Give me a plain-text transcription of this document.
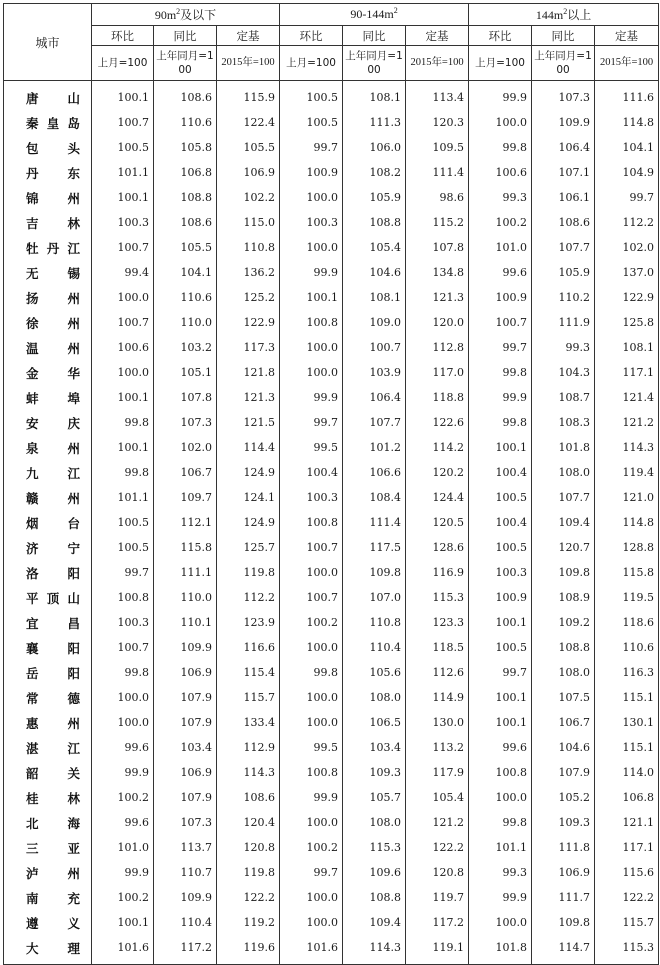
城市	$90m^2$及以下			$90-144m^2$			$144m^2$以上		
	环比	同比	定基	环比	同比	定基	环比	同比	定基
	上月=100	上年同月=100	2015年=100	上月=100	上年同月=100	2015年=100	上月=100	上年同月=100	2015年=100
唐山	100.1	108.6	115.9	100.5	108.1	113.4	99.9	107.3	111.6
秦皇岛	100.7	110.6	122.4	100.5	111.3	120.3	100.0	109.9	114.8
包头	100.5	105.8	105.5	99.7	106.0	109.5	99.8	106.4	104.1
丹东	101.1	106.8	106.9	100.9	108.2	111.4	100.6	107.1	104.9
锦州	100.1	108.8	102.2	100.0	105.9	98.6	99.3	106.1	99.7
吉林	100.3	108.6	115.0	100.3	108.8	115.2	100.2	108.6	112.2
牡丹江	100.7	105.5	110.8	100.0	105.4	107.8	101.0	107.7	102.0
无锡	99.4	104.1	136.2	99.9	104.6	134.8	99.6	105.9	137.0
扬州	100.0	110.6	125.2	100.1	108.1	121.3	100.9	110.2	122.9
徐州	100.7	110.0	122.9	100.8	109.0	120.0	100.7	111.9	125.8
温州	100.6	103.2	117.3	100.0	100.7	112.8	99.7	99.3	108.1
金华	100.0	105.1	121.8	100.0	103.9	117.0	99.8	104.3	117.1
蚌埠	100.1	107.8	121.3	99.9	106.4	118.8	99.9	108.7	121.4
安庆	99.8	107.3	121.5	99.7	107.7	122.6	99.8	108.3	121.2
泉州	100.1	102.0	114.4	99.5	101.2	114.2	100.1	101.8	114.3
九江	99.8	106.7	124.9	100.4	106.6	120.2	100.4	108.0	119.4
赣州	101.1	109.7	124.1	100.3	108.4	124.4	100.5	107.7	121.0
烟台	100.5	112.1	124.9	100.8	111.4	120.5	100.4	109.4	114.8
济宁	100.5	115.8	125.7	100.7	117.5	128.6	100.5	120.7	128.8
洛阳	99.7	111.1	119.8	100.0	109.8	116.9	100.3	109.8	115.8
平顶山	100.8	110.0	112.2	100.7	107.0	115.3	100.9	108.9	119.5
宜昌	100.3	110.1	123.9	100.2	110.8	123.3	100.1	109.2	118.6
襄阳	100.7	109.9	116.6	100.0	110.4	118.5	100.5	108.8	110.6
岳阳	99.8	106.9	115.4	99.8	105.6	112.6	99.7	108.0	116.3
常德	100.0	107.9	115.7	100.0	108.0	114.9	100.1	107.5	115.1
惠州	100.0	107.9	133.4	100.0	106.5	130.0	100.1	106.7	130.1
湛江	99.6	103.4	112.9	99.5	103.4	113.2	99.6	104.6	115.1
韶关	99.9	106.9	114.3	100.8	109.3	117.9	100.8	107.9	114.0
桂林	100.2	107.9	108.6	99.9	105.7	105.4	100.0	105.2	106.8
北海	99.6	107.3	120.4	100.0	108.0	121.2	99.8	109.3	121.1
三亚	101.0	113.7	120.8	100.2	115.3	122.2	101.1	111.8	117.1
泸州	99.9	110.7	119.8	99.7	109.6	120.8	99.3	106.9	115.6
南充	100.2	109.9	122.2	100.0	108.8	119.7	99.9	111.7	122.2
遵义	100.1	110.4	119.2	100.0	109.4	117.2	100.0	109.8	115.7
大理	101.6	117.2	119.6	101.6	114.3	119.1	101.8	114.7	115.3
